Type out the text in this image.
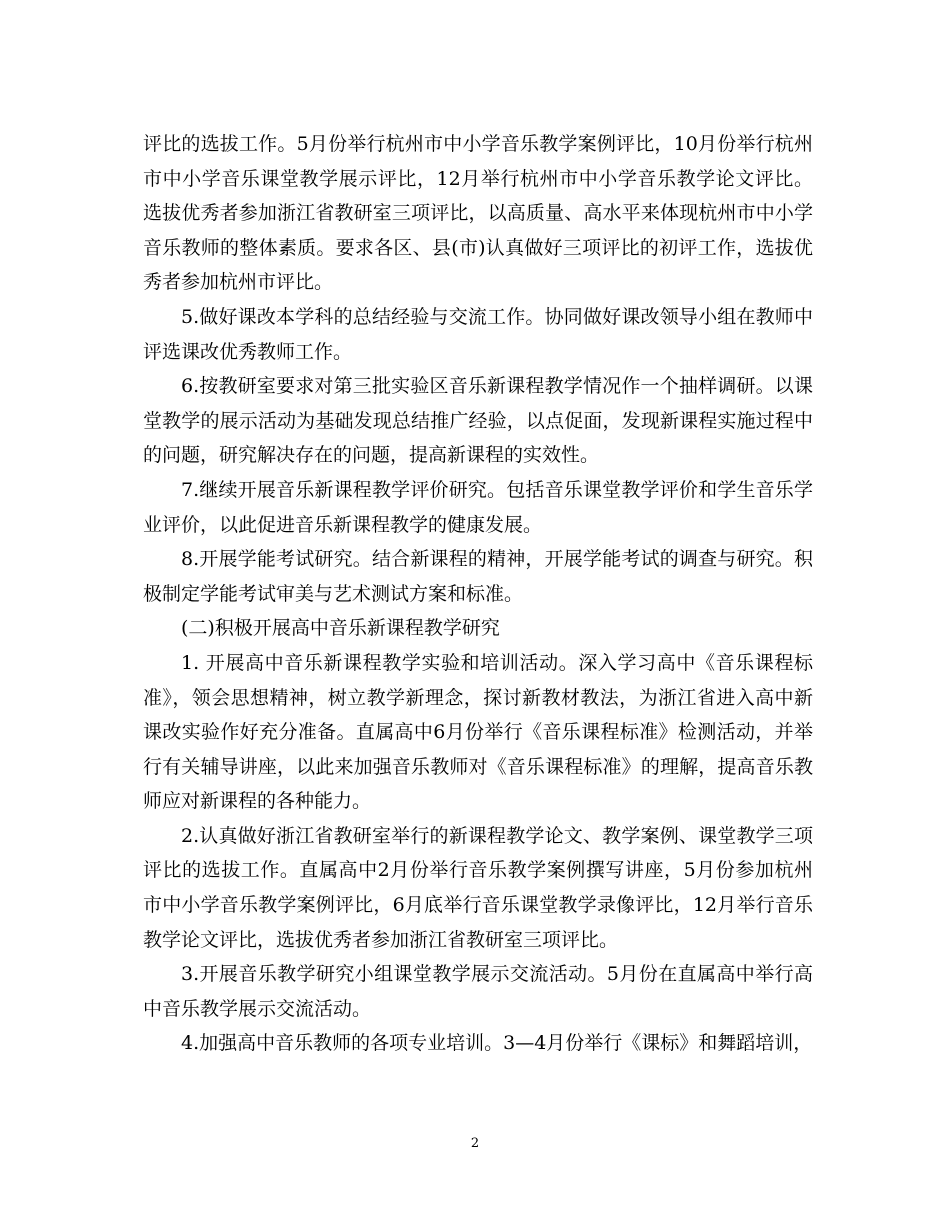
评比的选拔工作。5月份举行杭州市中小学音乐教学案例评比，10月份举行杭州市中小学音乐课堂教学展示评比，12月举行杭州市中小学音乐教学论文评比。选拔优秀者参加浙江省教研室三项评比，以高质量、高水平来体现杭州市中小学音乐教师的整体素质。要求各区、县(市)认真做好三项评比的初评工作，选拔优秀者参加杭州市评比。

5.做好课改本学科的总结经验与交流工作。协同做好课改领导小组在教师中评选课改优秀教师工作。

6.按教研室要求对第三批实验区音乐新课程教学情况作一个抽样调研。以课堂教学的展示活动为基础发现总结推广经验，以点促面，发现新课程实施过程中的问题，研究解决存在的问题，提高新课程的实效性。

7.继续开展音乐新课程教学评价研究。包括音乐课堂教学评价和学生音乐学业评价，以此促进音乐新课程教学的健康发展。

8.开展学能考试研究。结合新课程的精神，开展学能考试的调查与研究。积极制定学能考试审美与艺术测试方案和标准。

(二)积极开展高中音乐新课程教学研究

1. 开展高中音乐新课程教学实验和培训活动。深入学习高中《音乐课程标准》，领会思想精神，树立教学新理念，探讨新教材教法，为浙江省进入高中新课改实验作好充分准备。直属高中6月份举行《音乐课程标准》检测活动，并举行有关辅导讲座，以此来加强音乐教师对《音乐课程标准》的理解，提高音乐教师应对新课程的各种能力。

2.认真做好浙江省教研室举行的新课程教学论文、教学案例、课堂教学三项评比的选拔工作。直属高中2月份举行音乐教学案例撰写讲座，5月份参加杭州市中小学音乐教学案例评比，6月底举行音乐课堂教学录像评比，12月举行音乐教学论文评比，选拔优秀者参加浙江省教研室三项评比。

3.开展音乐教学研究小组课堂教学展示交流活动。5月份在直属高中举行高中音乐教学展示交流活动。

4.加强高中音乐教师的各项专业培训。3—4月份举行《课标》和舞蹈培训，

2
